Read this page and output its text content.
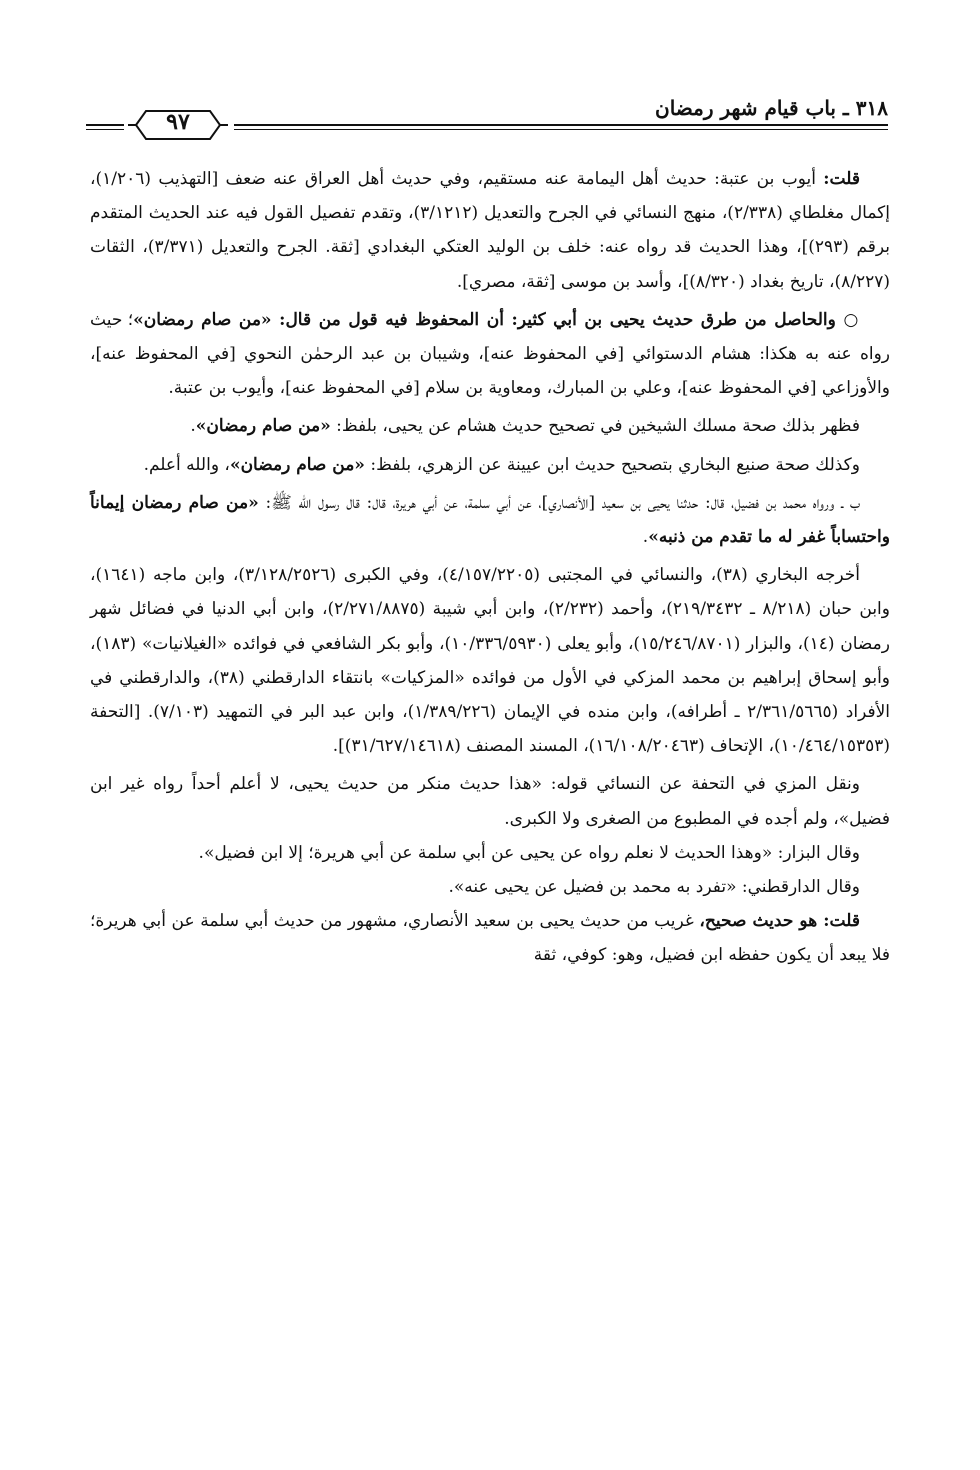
٣١٨ ـ باب قيام شهر رمضان
٩٧

قلت: أيوب بن عتبة: حديث أهل اليمامة عنه مستقيم، وفي حديث أهل العراق عنه ضعف [التهذيب (١/٢٠٦)، إكمال مغلطاي (٢/٣٣٨)، منهج النسائي في الجرح والتعديل (٣/١٢١٢)، وتقدم تفصيل القول فيه عند الحديث المتقدم برقم (٢٩٣)]، وهذا الحديث قد رواه عنه: خلف بن الوليد العتكي البغدادي [ثقة. الجرح والتعديل (٣/٣٧١)، الثقات (٨/٢٢٧)، تاريخ بغداد (٨/٣٢٠)]، وأسد بن موسى [ثقة، مصري].

○ والحاصل من طرق حديث يحيى بن أبي كثير: أن المحفوظ فيه قول من قال: «من صام رمضان»؛ حيث رواه عنه به هكذا: هشام الدستوائي [في المحفوظ عنه]، وشيبان بن عبد الرحمٰن النحوي [في المحفوظ عنه]، والأوزاعي [في المحفوظ عنه]، وعلي بن المبارك، ومعاوية بن سلام [في المحفوظ عنه]، وأيوب بن عتبة.

فظهر بذلك صحة مسلك الشيخين في تصحيح حديث هشام عن يحيى، بلفظ: «من صام رمضان».

وكذلك صحة صنيع البخاري بتصحيح حديث ابن عيينة عن الزهري، بلفظ: «من صام رمضان»، والله أعلم.

ب ـ ورواه محمد بن فضيل، قال: حدثنا يحيى بن سعيد [الأنصاري]، عن أبي سلمة، عن أبي هريرة، قال: قال رسول الله ﷺ: «من صام رمضان إيماناً واحتساباً غفر له ما تقدم من ذنبه».

أخرجه البخاري (٣٨)، والنسائي في المجتبى (٤/١٥٧/٢٢٠٥)، وفي الكبرى (٣/١٢٨/٢٥٢٦)، وابن ماجه (١٦٤١)، وابن حبان (٨/٢١٨ ـ ٢١٩/٣٤٣٢)، وأحمد (٢/٢٣٢)، وابن أبي شيبة (٢/٢٧١/٨٨٧٥)، وابن أبي الدنيا في فضائل شهر رمضان (١٤)، والبزار (١٥/٢٤٦/٨٧٠١)، وأبو يعلى (١٠/٣٣٦/٥٩٣٠)، وأبو بكر الشافعي في فوائده «الغيلانيات» (١٨٣)، وأبو إسحاق إبراهيم بن محمد المزكي في الأول من فوائده «المزكيات» بانتقاء الدارقطني (٣٨)، والدارقطني في الأفراد (٢/٣٦١/٥٦٦٥ ـ أطرافه)، وابن منده في الإيمان (١/٣٨٩/٢٢٦)، وابن عبد البر في التمهيد (٧/١٠٣). [التحفة (١٠/٤٦٤/١٥٣٥٣)، الإتحاف (١٦/١٠٨/٢٠٤٦٣)، المسند المصنف (٣١/٦٢٧/١٤٦١٨)].

ونقل المزي في التحفة عن النسائي قوله: «هذا حديث منكر من حديث يحيى، لا أعلم أحداً رواه غير ابن فضيل»، ولم أجده في المطبوع من الصغرى ولا الكبرى.

وقال البزار: «وهذا الحديث لا نعلم رواه عن يحيى عن أبي سلمة عن أبي هريرة؛ إلا ابن فضيل».

وقال الدارقطني: «تفرد به محمد بن فضيل عن يحيى عنه».

قلت: هو حديث صحيح، غريب من حديث يحيى بن سعيد الأنصاري، مشهور من حديث أبي سلمة عن أبي هريرة؛ فلا يبعد أن يكون حفظه ابن فضيل، وهو: كوفي، ثقة
